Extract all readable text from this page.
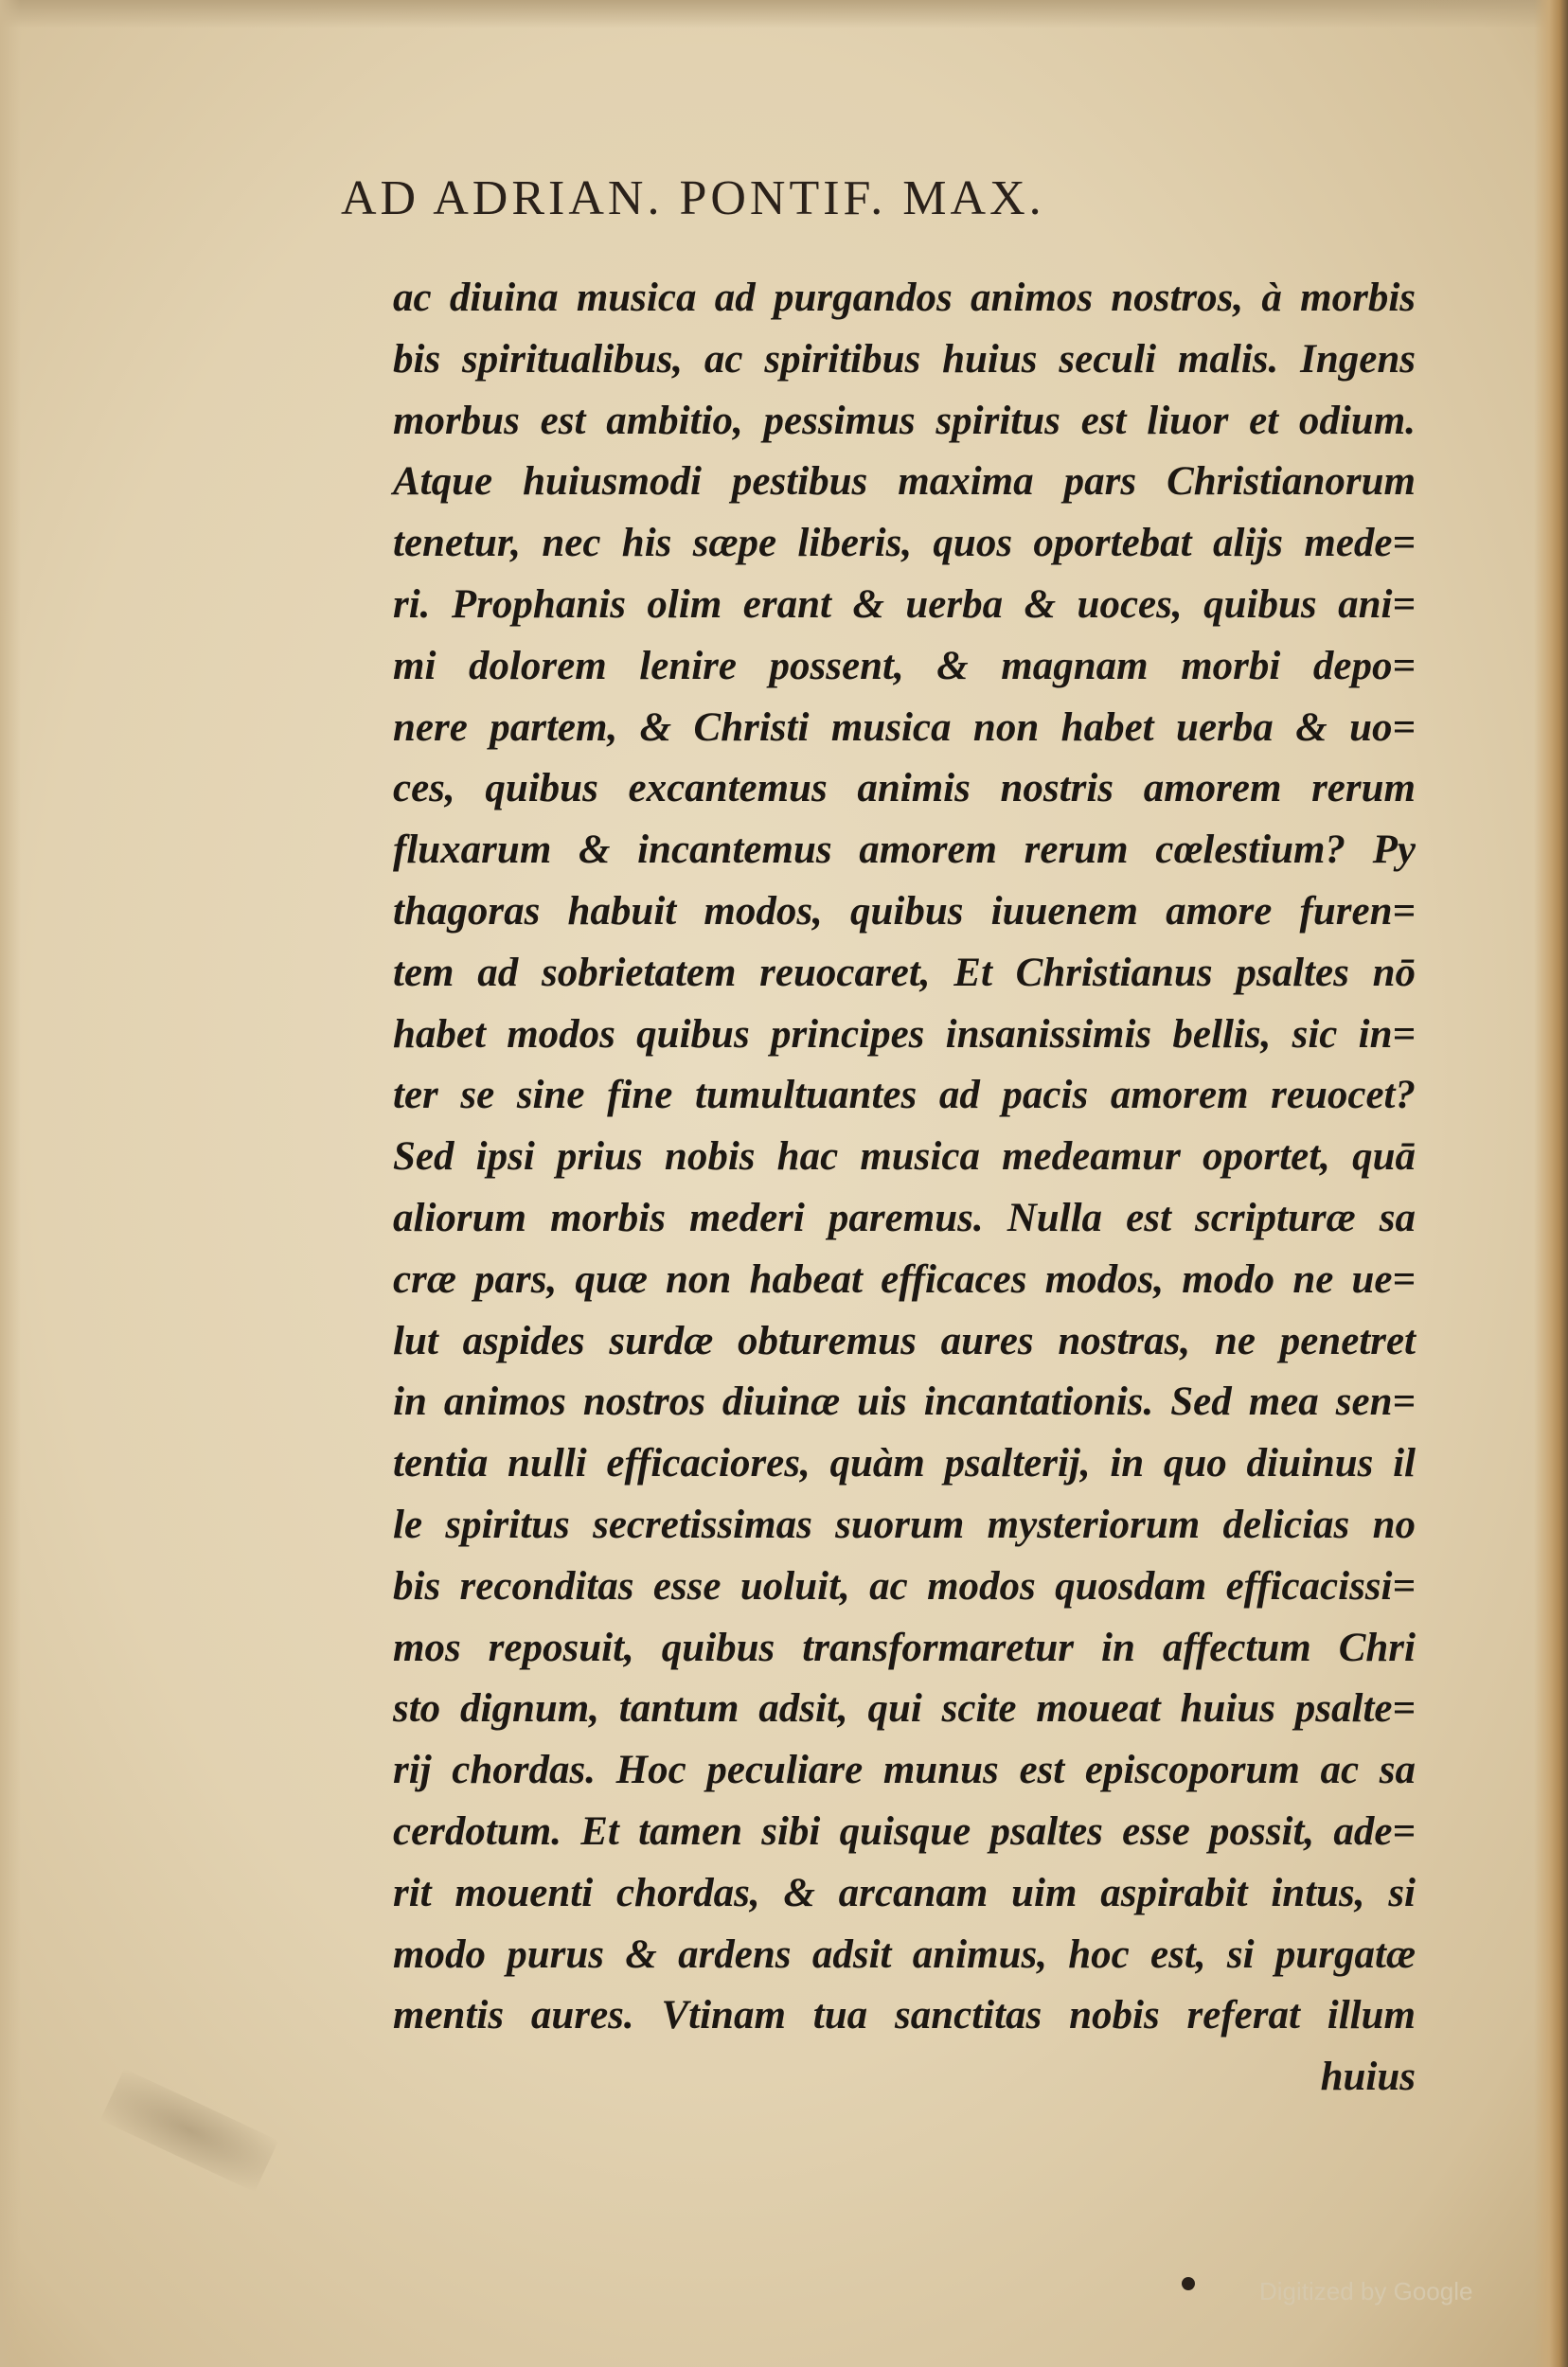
AD ADRIAN. PONTIF. MAX.
ac diuina musica ad purgandos animos nostros, à morbis
bis spiritualibus, ac spiritibus huius seculi malis. Ingens
morbus est ambitio, pessimus spiritus est liuor et odium.
Atque huiusmodi pestibus maxima pars Christianorum
tenetur, nec his sæpe liberis, quos oportebat alijs mede=
ri. Prophanis olim erant & uerba & uoces, quibus ani=
mi dolorem lenire possent, & magnam morbi depo=
nere partem, & Christi musica non habet uerba & uo=
ces, quibus excantemus animis nostris amorem rerum
fluxarum & incantemus amorem rerum cœlestium? Py
thagoras habuit modos, quibus iuuenem amore furen=
tem ad sobrietatem reuocaret, Et Christianus psaltes nō
habet modos quibus principes insanissimis bellis, sic in=
ter se sine fine tumultuantes ad pacis amorem reuocet?
Sed ipsi prius nobis hac musica medeamur oportet, quā
aliorum morbis mederi paremus. Nulla est scripturæ sa
cræ pars, quæ non habeat efficaces modos, modo ne ue=
lut aspides surdæ obturemus aures nostras, ne penetret
in animos nostros diuinæ uis incantationis. Sed mea sen=
tentia nulli efficaciores, quàm psalterij, in quo diuinus il
le spiritus secretissimas suorum mysteriorum delicias no
bis reconditas esse uoluit, ac modos quosdam efficacissi=
mos reposuit, quibus transformaretur in affectum Chri
sto dignum, tantum adsit, qui scite moueat huius psalte=
rij chordas. Hoc peculiare munus est episcoporum ac sa
cerdotum. Et tamen sibi quisque psaltes esse possit, ade=
rit mouenti chordas, & arcanam uim aspirabit intus, si
modo purus & ardens adsit animus, hoc est, si purgatæ
mentis aures. Vtinam tua sanctitas nobis referat illum
huius
Digitized by Google
